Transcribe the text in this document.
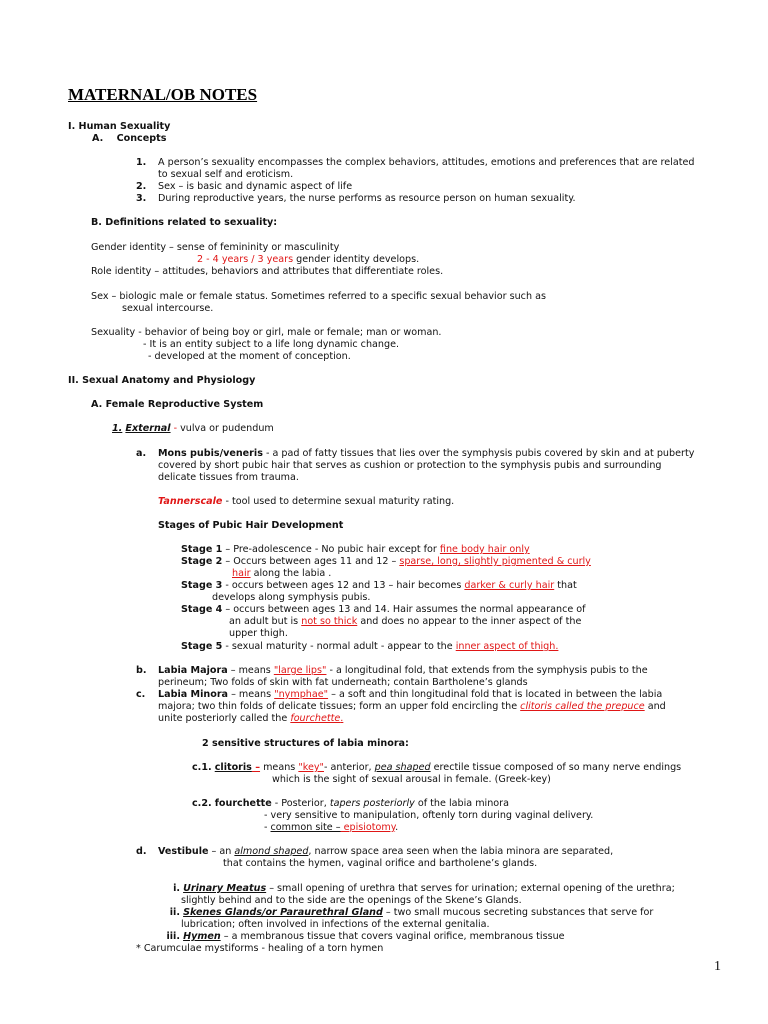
MATERNAL/OB NOTES
I. Human Sexuality
A. Concepts
1. A person’s sexuality encompasses the complex behaviors, attitudes, emotions and preferences that are related
to sexual self and eroticism.
2. Sex – is basic and dynamic aspect of life
3. During reproductive years, the nurse performs as resource person on human sexuality.
B. Definitions related to sexuality:
Gender identity – sense of femininity or masculinity
2 - 4 years / 3 years gender identity develops.
Role identity – attitudes, behaviors and attributes that differentiate roles.
Sex – biologic male or female status. Sometimes referred to a specific sexual behavior such as
sexual intercourse.
Sexuality - behavior of being boy or girl, male or female; man or woman.
- It is an entity subject to a life long dynamic change.
- developed at the moment of conception.
II. Sexual Anatomy and Physiology
A. Female Reproductive System
1. External - vulva or pudendum
a. Mons pubis/veneris - a pad of fatty tissues that lies over the symphysis pubis covered by skin and at puberty
covered by short pubic hair that serves as cushion or protection to the symphysis pubis and surrounding
delicate tissues from trauma.
Tannerscale - tool used to determine sexual maturity rating.
Stages of Pubic Hair Development
Stage 1 – Pre-adolescence - No pubic hair except for fine body hair only
Stage 2 – Occurs between ages 11 and 12 – sparse, long, slightly pigmented & curly
hair along the labia .
Stage 3 - occurs between ages 12 and 13 – hair becomes darker & curly hair that
develops along symphysis pubis.
Stage 4 – occurs between ages 13 and 14. Hair assumes the normal appearance of
an adult but is not so thick and does no appear to the inner aspect of the
upper thigh.
Stage 5 - sexual maturity - normal adult - appear to the inner aspect of thigh.
b. Labia Majora – means "large lips" - a longitudinal fold, that extends from the symphysis pubis to the
perineum; Two folds of skin with fat underneath; contain Bartholene’s glands
c. Labia Minora – means "nymphae" – a soft and thin longitudinal fold that is located in between the labia
majora; two thin folds of delicate tissues; form an upper fold encircling the clitoris called the prepuce and
unite posteriorly called the fourchette.
2 sensitive structures of labia minora:
c.1. clitoris – means "key"- anterior, pea shaped erectile tissue composed of so many nerve endings
which is the sight of sexual arousal in female. (Greek-key)
c.2. fourchette - Posterior, tapers posteriorly of the labia minora
- very sensitive to manipulation, oftenly torn during vaginal delivery.
- common site – episiotomy.
d. Vestibule – an almond shaped, narrow space area seen when the labia minora are separated,
that contains the hymen, vaginal orifice and bartholene’s glands.
i. Urinary Meatus – small opening of urethra that serves for urination; external opening of the urethra;
slightly behind and to the side are the openings of the Skene’s Glands.
ii. Skenes Glands/or Paraurethral Gland – two small mucous secreting substances that serve for
lubrication; often involved in infections of the external genitalia.
iii. Hymen – a membranous tissue that covers vaginal orifice, membranous tissue
* Carumculae mystiforms - healing of a torn hymen
1
